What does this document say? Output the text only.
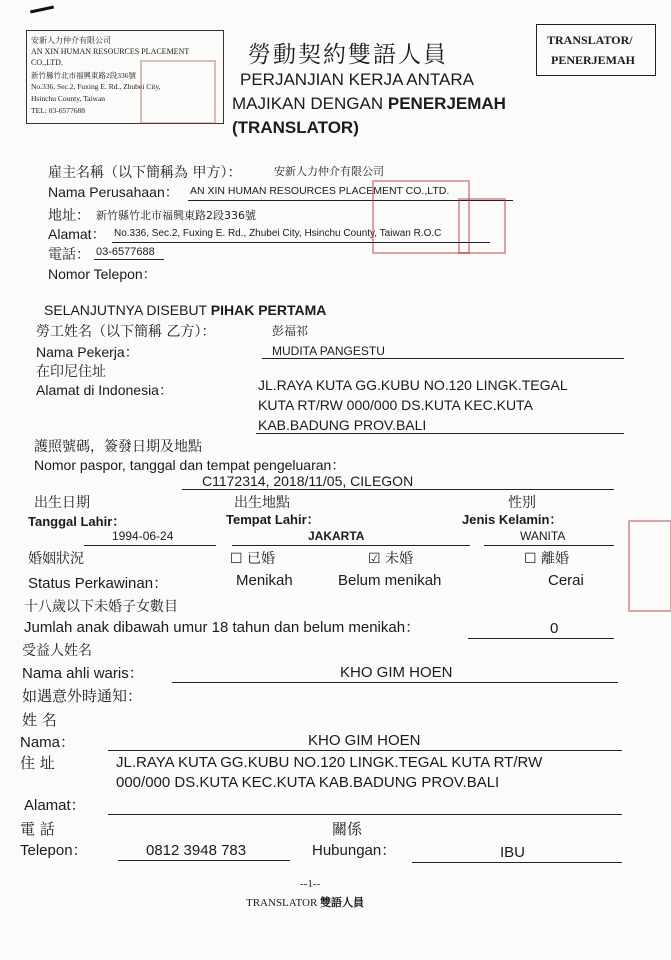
安新人力仲介有限公司
AN XIN HUMAN RESOURCES PLACEMENT
CO.,LTD.
新竹縣竹北市福興東路2段336號
No.336, Sec.2, Fuxing E. Rd., Zhubei City,
Hsinchu County, Taiwan
TEL: 03-6577688
勞動契約雙語人員
PERJANJIAN KERJA ANTARA
MAJIKAN DENGAN PENERJEMAH
(TRANSLATOR)
TRANSLATOR/
PENERJEMAH
雇主名稱（以下簡稱為 甲方）：	安新人力仲介有限公司
Nama Perusahaan： AN XIN HUMAN RESOURCES PLACEMENT CO.,LTD.
地址： 新竹縣竹北市福興東路2段336號
Alamat： No.336, Sec.2, Fuxing E. Rd., Zhubei City, Hsinchu County, Taiwan R.O.C
電話： 03-6577688
Nomor Telepon：
SELANJUTNYA DISEBUT PIHAK PERTAMA
勞工姓名（以下簡稱 乙方）：	彭福祁
Nama Pekerja：	MUDITA PANGESTU
在印尼住址
Alamat di Indonesia：	JL.RAYA KUTA GG.KUBU NO.120 LINGK.TEGAL
KUTA RT/RW 000/000 DS.KUTA KEC.KUTA
KAB.BADUNG PROV.BALI
護照號碼，簽發日期及地點
Nomor paspor, tanggal dan tempat pengeluaran：
C1172314, 2018/11/05, CILEGON
出生日期
Tanggal Lahir：
1994-06-24
出生地點
Tempat Lahir：
JAKARTA
性別
Jenis Kelamin：
WANITA
婚姻狀況
Status Perkawinan：
☐ 已婚
Menikah
☑ 未婚
Belum menikah
☐ 離婚
Cerai
十八歲以下未婚子女數目
Jumlah anak dibawah umur 18 tahun dan belum menikah：	0
受益人姓名
Nama ahli waris：	KHO GIM HOEN
如遇意外時通知：
姓 名
Nama：	KHO GIM HOEN
住 址	JL.RAYA KUTA GG.KUBU NO.120 LINGK.TEGAL KUTA RT/RW
000/000 DS.KUTA KEC.KUTA KAB.BADUNG PROV.BALI
Alamat：
電 話
Telepon：	0812 3948 783
關係
Hubungan：	IBU
--1--
TRANSLATOR 雙語人員
